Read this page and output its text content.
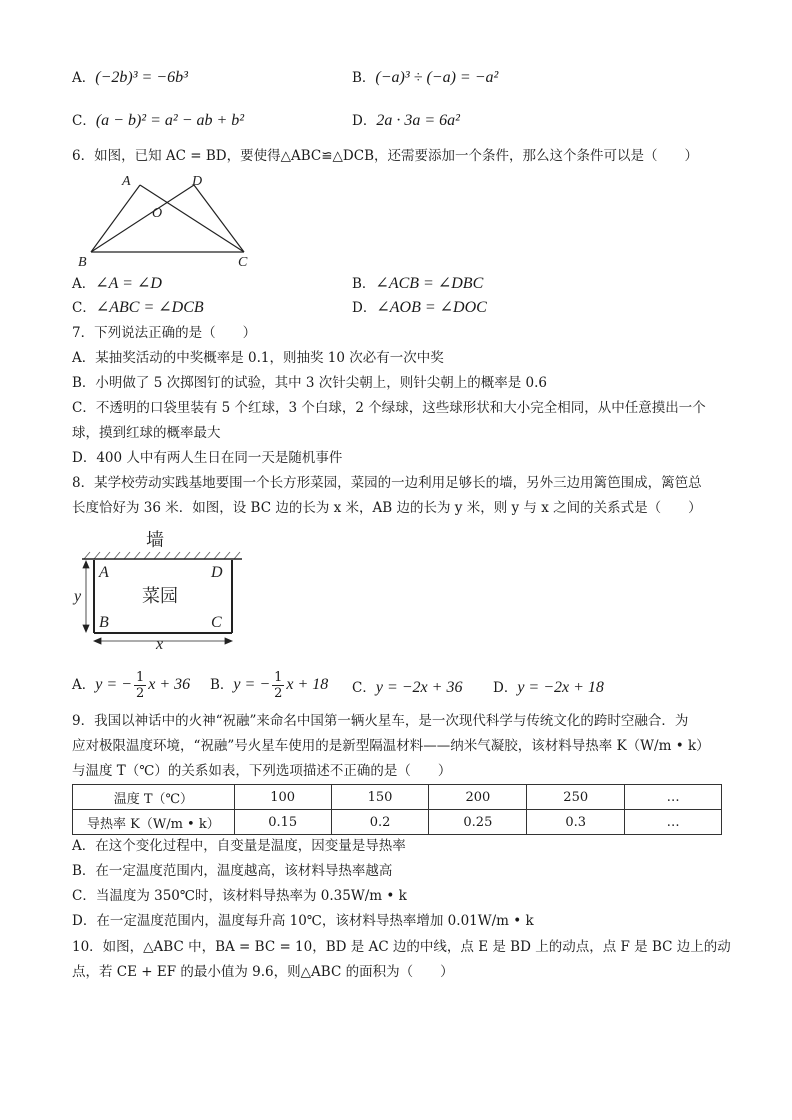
A．(−2b)³ = −6b³	B．(−a)³ ÷ (−a) = −a²
C．(a − b)² = a² − ab + b²	D．2a · 3a = 6a²
6．如图，已知 AC = BD，要使得△ABC≌△DCB，还需要添加一个条件，那么这个条件可以是（　　）
A	D
O
B	C
A．∠A = ∠D	B．∠ACB = ∠DBC
C．∠ABC = ∠DCB	D．∠AOB = ∠DOC
7．下列说法正确的是（　　）
A．某抽奖活动的中奖概率是 0.1，则抽奖 10 次必有一次中奖
B．小明做了 5 次掷图钉的试验，其中 3 次针尖朝上，则针尖朝上的概率是 0.6
C．不透明的口袋里装有 5 个红球，3 个白球，2 个绿球，这些球形状和大小完全相同，从中任意摸出一个
球，摸到红球的概率最大
D．400 人中有两人生日在同一天是随机事件
8．某学校劳动实践基地要围一个长方形菜园，菜园的一边利用足够长的墙，另外三边用篱笆围成，篱笆总
长度恰好为 36 米．如图，设 BC 边的长为 x 米，AB 边的长为 y 米，则 y 与 x 之间的关系式是（　　）
墙
A	D
B	C
y
x
菜园
A．y = − $\frac{1}{2}$ x + 36 B．y = − $\frac{1}{2}$ x + 18 C．y = −2x + 36 D．y = −2x + 18
9．我国以神话中的火神“祝融”来命名中国第一辆火星车，是一次现代科学与传统文化的跨时空融合．为
应对极限温度环境，“祝融”号火星车使用的是新型隔温材料——纳米气凝胶，该材料导热率 K（W/m • k）
与温度 T（℃）的关系如表，下列选项描述不正确的是（　　）
温度 T（℃）	100	150	200	250	…
导热率 K（W/m • k）	0.15	0.2	0.25	0.3	…
A．在这个变化过程中，自变量是温度，因变量是导热率
B．在一定温度范围内，温度越高，该材料导热率越高
C．当温度为 350℃时，该材料导热率为 0.35W/m • k
D．在一定温度范围内，温度每升高 10℃，该材料导热率增加 0.01W/m • k
10．如图，△ABC 中，BA = BC = 10，BD 是 AC 边的中线，点 E 是 BD 上的动点，点 F 是 BC 边上的动
点，若 CE + EF 的最小值为 9.6，则△ABC 的面积为（　　）
